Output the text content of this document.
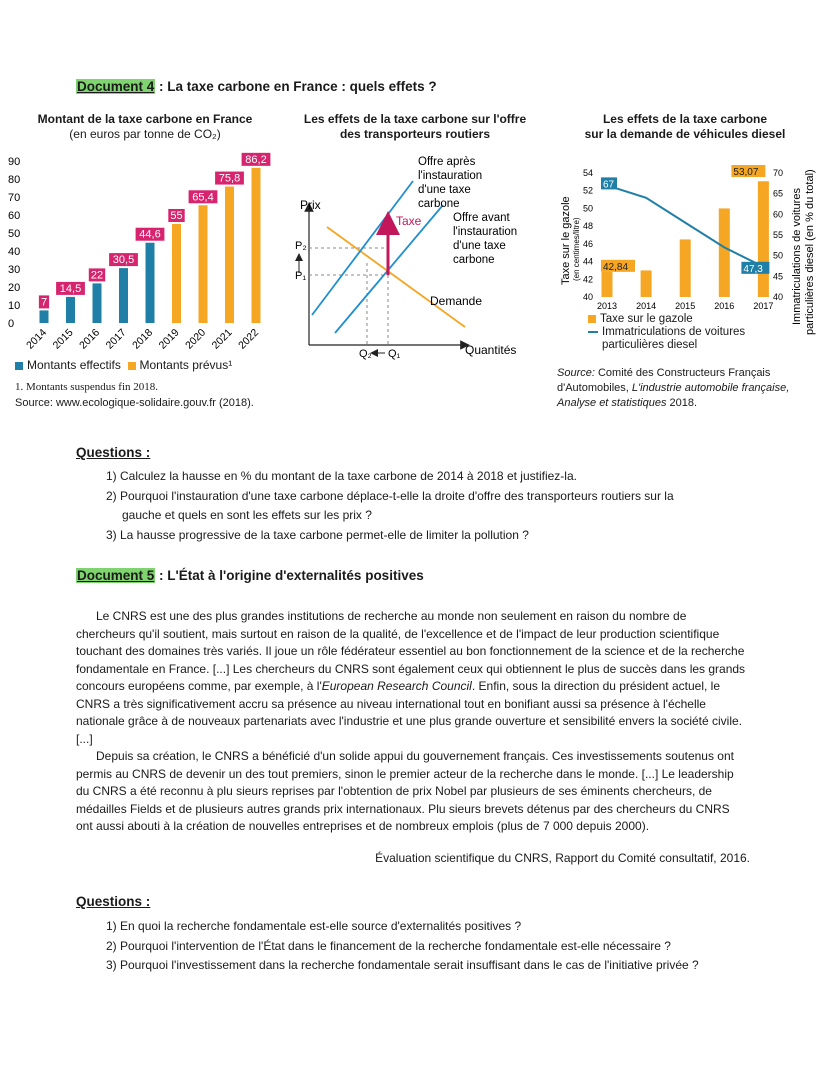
Document 4 : La taxe carbone en France : quels effets ?
Montant de la taxe carbone en France
(en euros par tonne de CO₂)
0
10
20
30
40
50
60
70
80
90
7
2014
14,5
2015
22
2016
30,5
2017
44,6
2018
55
2019
65,4
2020
75,8
2021
86,2
2022
Montants effectifs Montants prévus¹
1. Montants suspendus fin 2018.
Source: www.ecologique-solidaire.gouv.fr (2018).
Les effets de la taxe carbone sur l'offre
des transporteurs routiers
Prix
Quantités
Taxe
P₂
P₁
Q₂ Q₁
Offre après
l'instauration
d'une taxe
carbone
Offre avant
l'instauration
d'une taxe
carbone
Demande
Les effets de la taxe carbone
sur la demande de véhicules diesel
40
42
44
46
48
50
52
54
40
45
50
55
60
65
70
Taxe sur le gazole (en centimes/litre)	Immatriculations de voitures particulières diesel (en % du total)
2013 2014 2015 2016 2017
67
47,3
42,84
53,07
Taxe sur le gazole
Immatriculations de voitures
particulières diesel
Source: Comité des Constructeurs Français
d'Automobiles, L'industrie automobile française,
Analyse et statistiques 2018.
Questions :
1) Calculez la hausse en % du montant de la taxe carbone de 2014 à 2018 et justifiez-la.
2) Pourquoi l'instauration d'une taxe carbone déplace-t-elle la droite d'offre des transporteurs routiers sur la
gauche et quels en sont les effets sur les prix ?
3) La hausse progressive de la taxe carbone permet-elle de limiter la pollution ?
Document 5 : L'État à l'origine d'externalités positives

Le CNRS est une des plus grandes institutions de recherche au monde non seulement en raison du nombre de chercheurs qu'il soutient, mais surtout en raison de la qualité, de l'excellence et de l'impact de leur production scientifique touchant des domaines très variés. Il joue un rôle fédérateur essentiel au bon fonctionnement de la science et de la recherche fondamentale en France. [...] Les chercheurs du CNRS sont également ceux qui obtiennent le plus de succès dans les grands concours européens comme, par exemple, à l'European Research Council. Enfin, sous la direction du président actuel, le CNRS a très significativement accru sa présence au niveau international tout en bonifiant aussi sa présence à l'échelle nationale grâce à de nouveaux partenariats avec l'industrie et une plus grande ouverture et sensibilité envers la société civile. [...]

Depuis sa création, le CNRS a bénéficié d'un solide appui du gouvernement français. Ces investissements soutenus ont permis au CNRS de devenir un des tout premiers, sinon le premier acteur de la recherche dans le monde. [...] Le leadership du CNRS a été reconnu à plu sieurs reprises par l'obtention de prix Nobel par plusieurs de ses éminents chercheurs, de médailles Fields et de plusieurs autres grands prix internationaux. Plu sieurs brevets détenus par des chercheurs du CNRS ont aussi abouti à la création de nouvelles entreprises et de nombreux emplois (plus de 7 000 depuis 2000).

Évaluation scientifique du CNRS, Rapport du Comité consultatif, 2016.
Questions :
1) En quoi la recherche fondamentale est-elle source d'externalités positives ?
2) Pourquoi l'intervention de l'État dans le financement de la recherche fondamentale est-elle nécessaire ?
3) Pourquoi l'investissement dans la recherche fondamentale serait insuffisant dans le cas de l'initiative privée ?
